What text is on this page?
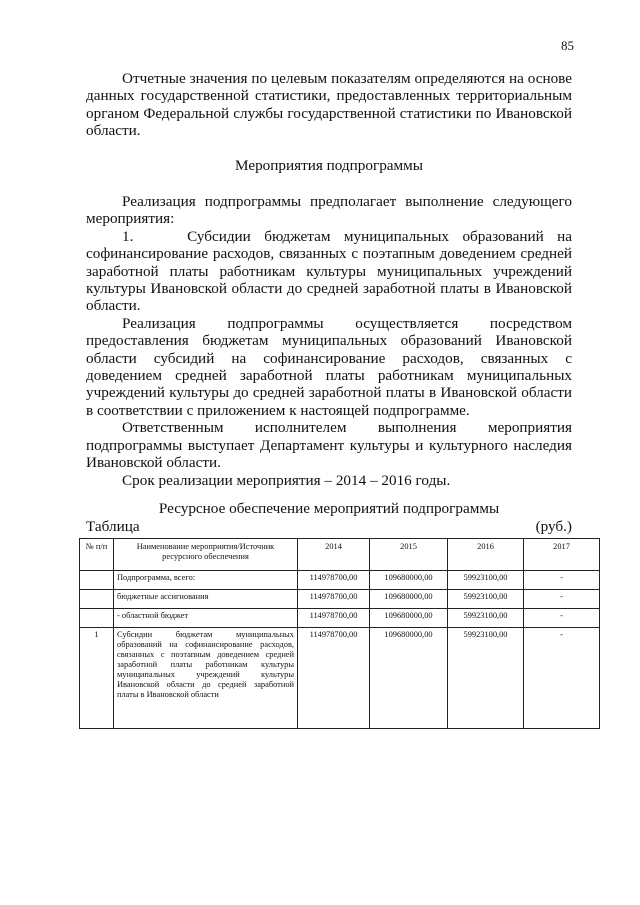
85

Отчетные значения по целевым показателям определяются на основе данных государственной статистики, предоставленных территориальным органом Федеральной службы государственной статистики по Ивановской области.

Мероприятия подпрограммы

Реализация подпрограммы предполагает выполнение следующего мероприятия:

1.    Субсидии бюджетам муниципальных образований на софинансирование расходов, связанных с поэтапным доведением средней заработной платы работникам культуры муниципальных учреждений культуры Ивановской области до средней заработной платы в Ивановской области.

Реализация подпрограммы осуществляется посредством предоставления бюджетам муниципальных образований Ивановской области субсидий на софинансирование расходов, связанных с доведением средней заработной платы работникам муниципальных учреждений культуры до средней заработной платы в Ивановской области в соответствии с приложением к настоящей подпрограмме.

Ответственным исполнителем выполнения мероприятия подпрограммы выступает Департамент культуры и культурного наследия Ивановской области.

Срок реализации мероприятия – 2014 – 2016 годы.

Ресурсное обеспечение мероприятий подпрограммы
Таблица	(руб.)
№ п/п	Наименование мероприятия/Источник ресурсного обеспечения	2014	2015	2016	2017
	Подпрограмма, всего:	114978700,00	109680000,00	59923100,00	-
	бюджетные ассигнования	114978700,00	109680000,00	59923100,00	-
	- областной бюджет	114978700,00	109680000,00	59923100,00	-
1	Субсидии бюджетам муниципальных образований на софинансирование расходов, связанных с поэтапным доведением средней заработной платы работникам культуры муниципальных учреждений культуры Ивановской области до средней заработной платы в Ивановской области	114978700,00	109680000,00	59923100,00	-
